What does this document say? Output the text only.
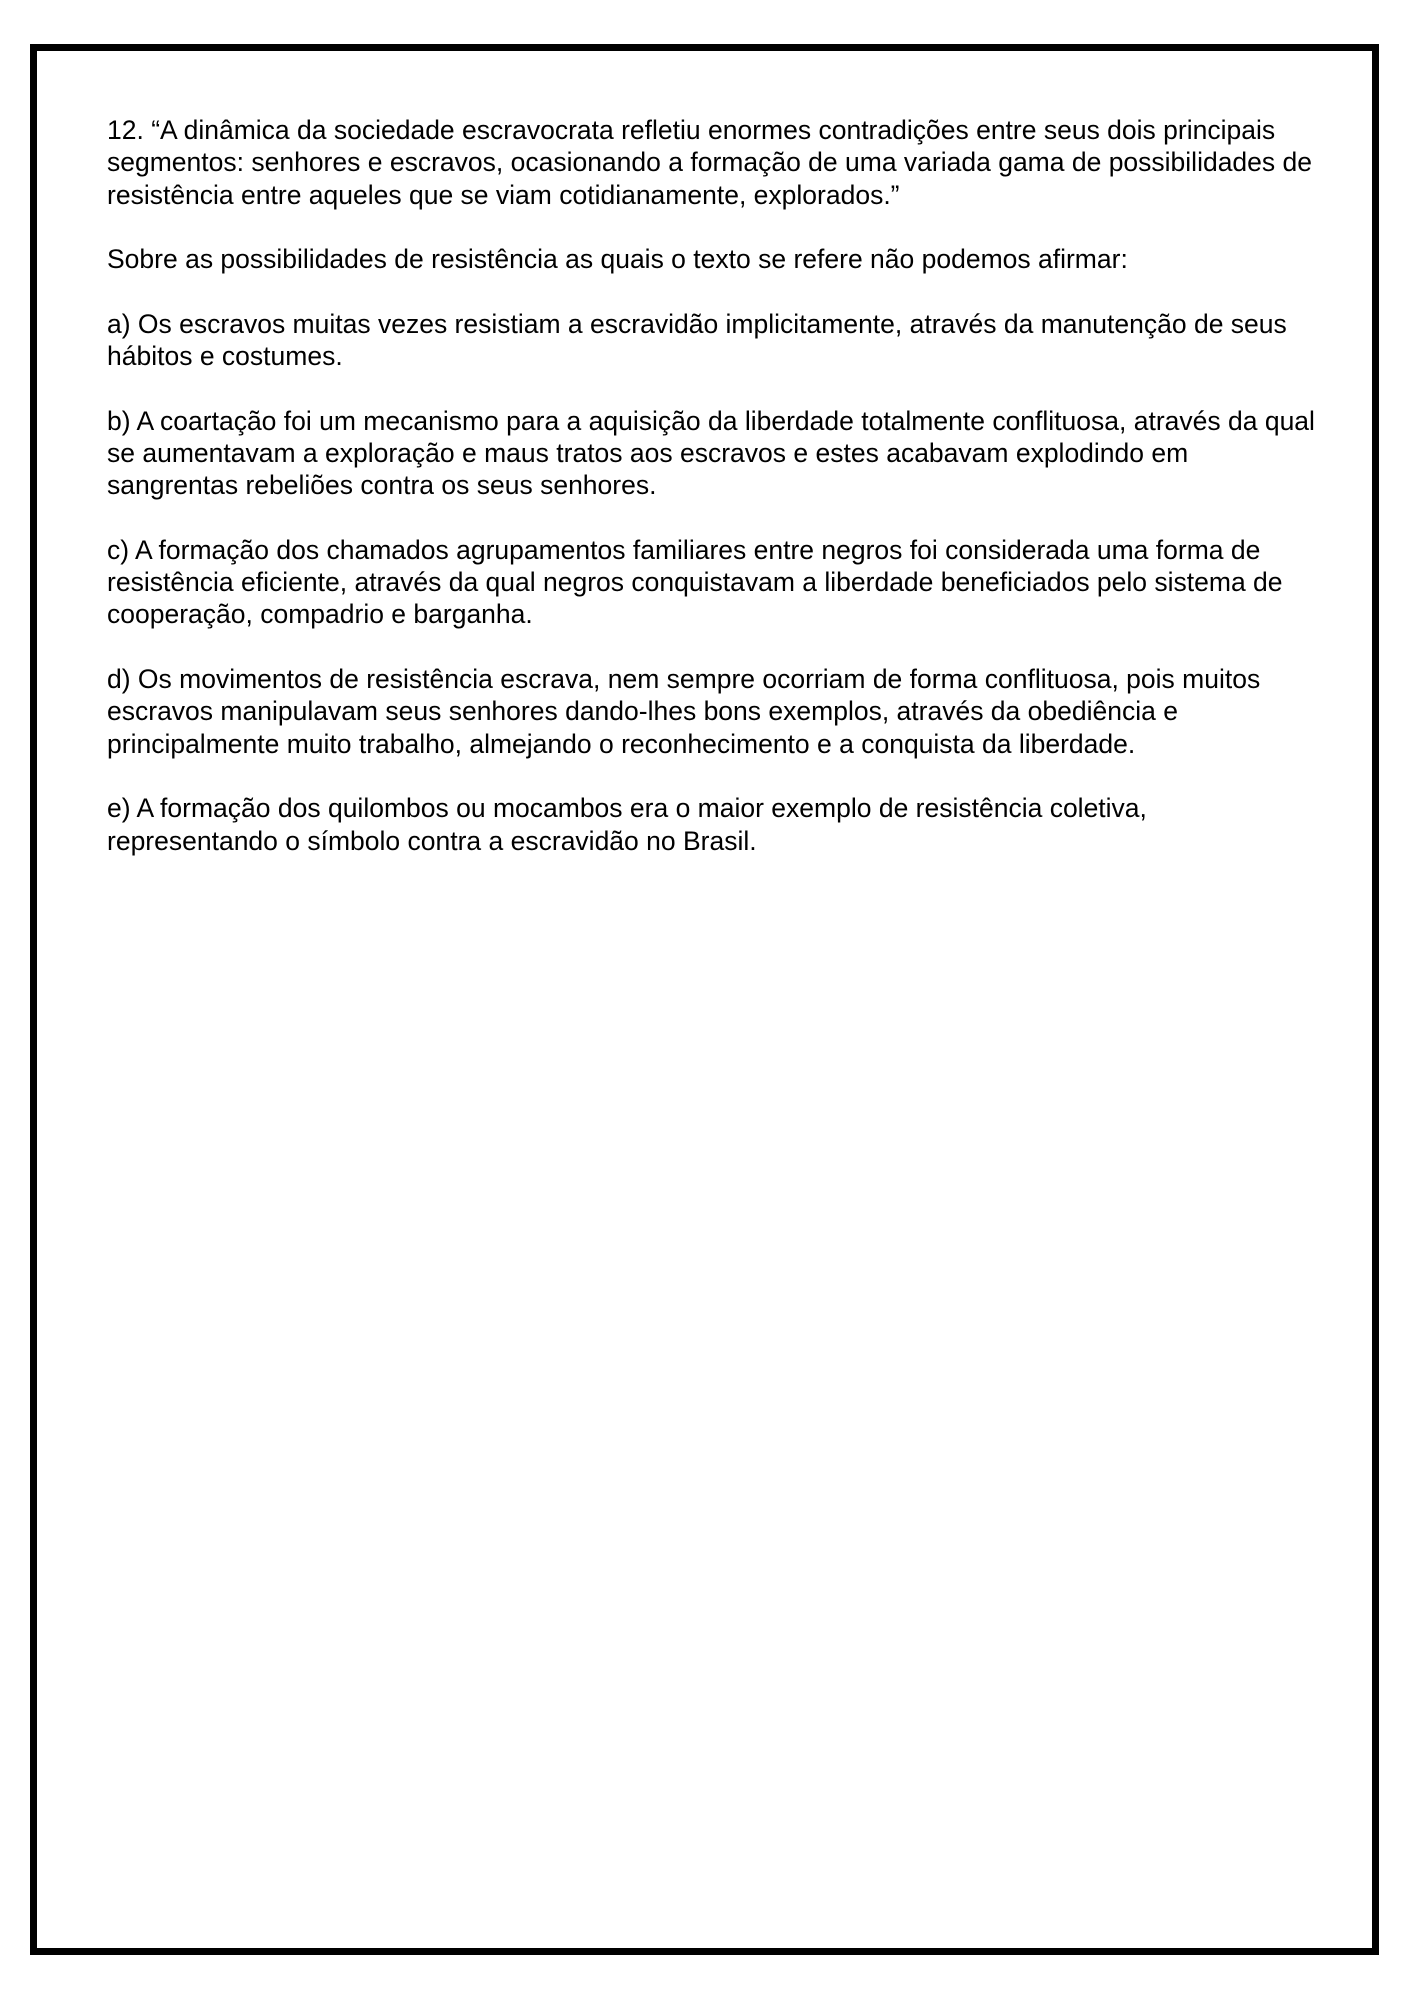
12. “A dinâmica da sociedade escravocrata refletiu enormes contradições entre seus dois principais segmentos: senhores e escravos, ocasionando a formação de uma variada gama de possibilidades de resistência entre aqueles que se viam cotidianamente, explorados.”

Sobre as possibilidades de resistência as quais o texto se refere não podemos afirmar:

a) Os escravos muitas vezes resistiam a escravidão implicitamente, através da manutenção de seus hábitos e costumes.

b) A coartação foi um mecanismo para a aquisição da liberdade totalmente conflituosa, através da qual se aumentavam a exploração e maus tratos aos escravos e estes acabavam explodindo em sangrentas rebeliões contra os seus senhores.

c) A formação dos chamados agrupamentos familiares entre negros foi considerada uma forma de resistência eficiente, através da qual negros conquistavam a liberdade beneficiados pelo sistema de cooperação, compadrio e barganha.

d) Os movimentos de resistência escrava, nem sempre ocorriam de forma conflituosa, pois muitos escravos manipulavam seus senhores dando-lhes bons exemplos, através da obediência e principalmente muito trabalho, almejando o reconhecimento e a conquista da liberdade.

e) A formação dos quilombos ou mocambos era o maior exemplo de resistência coletiva, representando o símbolo contra a escravidão no Brasil.
